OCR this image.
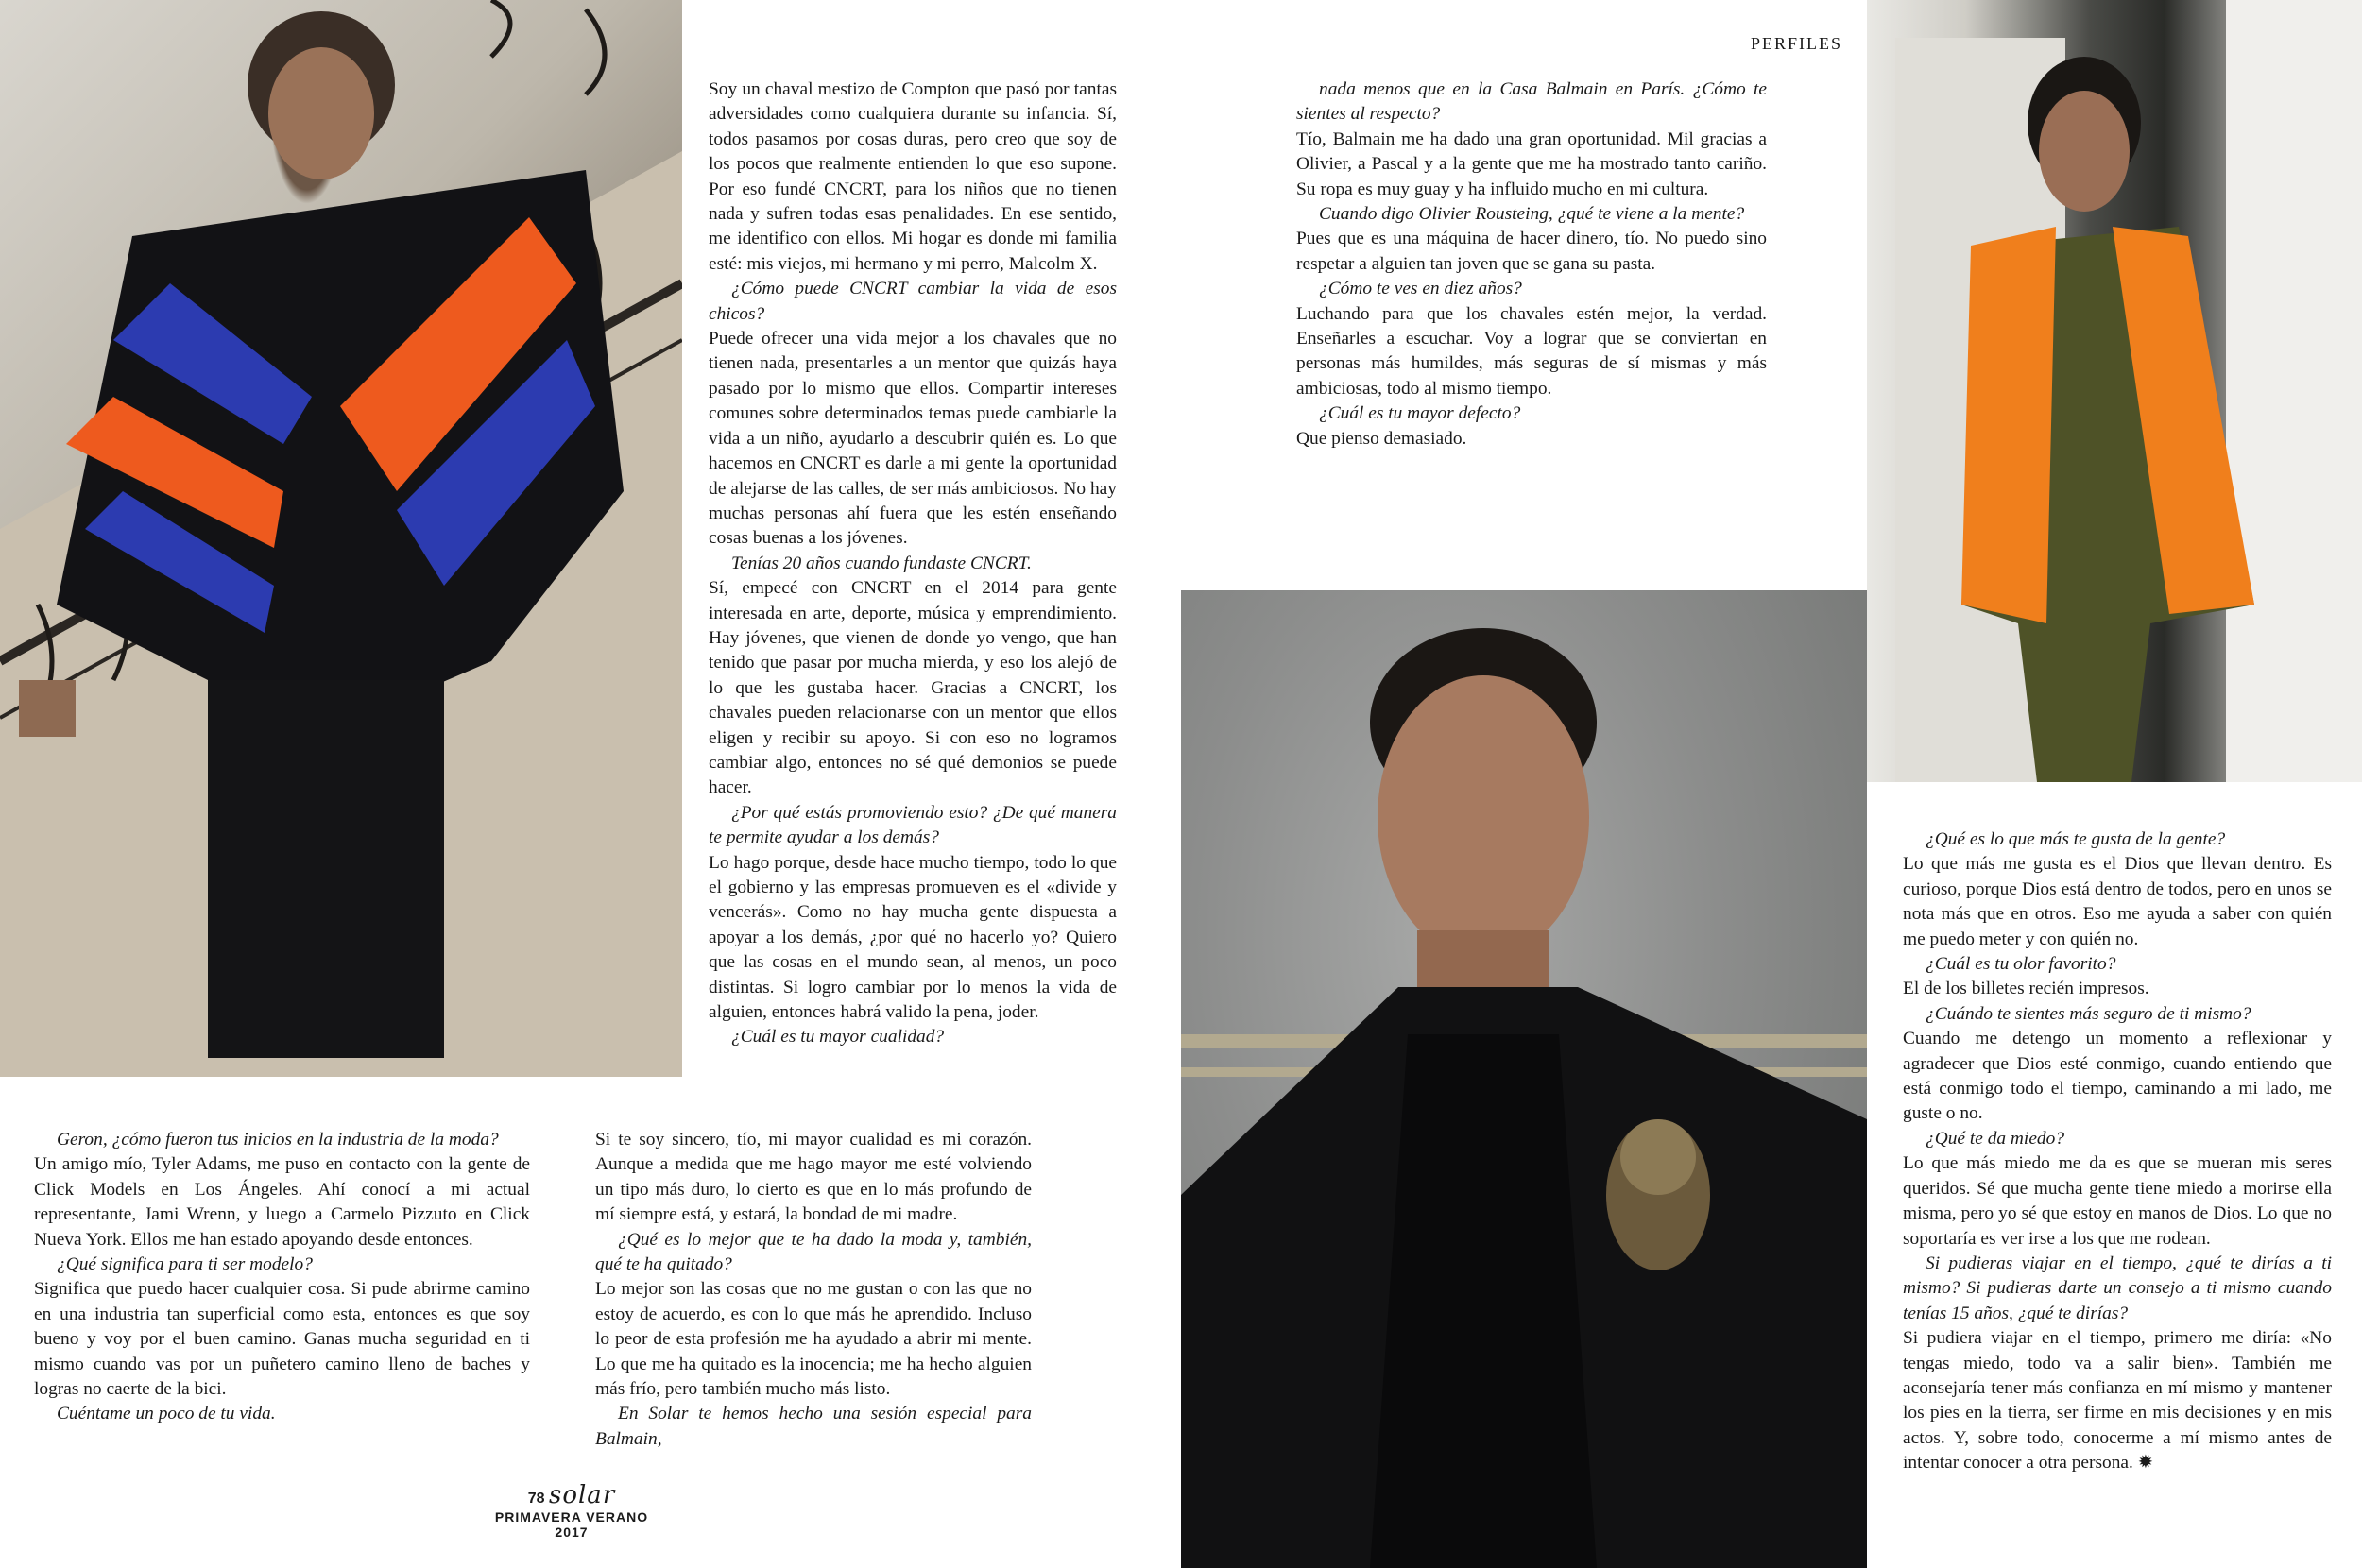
PERFILES

Soy un chaval mestizo de Compton que pasó por tantas adversidades como cualquiera durante su infancia. Sí, todos pasamos por cosas duras, pero creo que soy de los pocos que realmente entienden lo que eso supone. Por eso fundé CNCRT, para los niños que no tienen nada y sufren todas esas penalidades. En ese sentido, me identifico con ellos. Mi hogar es donde mi familia esté: mis viejos, mi hermano y mi perro, Malcolm X.

¿Cómo puede CNCRT cambiar la vida de esos chicos?

Puede ofrecer una vida mejor a los chavales que no tienen nada, presentarles a un mentor que quizás haya pasado por lo mismo que ellos. Compartir intereses comunes sobre determinados temas puede cambiarle la vida a un niño, ayudarlo a descubrir quién es. Lo que hacemos en CNCRT es darle a mi gente la oportunidad de alejarse de las calles, de ser más ambiciosos. No hay muchas personas ahí fuera que les estén enseñando cosas buenas a los jóvenes.

Tenías 20 años cuando fundaste CNCRT.

Sí, empecé con CNCRT en el 2014 para gente interesada en arte, deporte, música y emprendimiento. Hay jóvenes, que vienen de donde yo vengo, que han tenido que pasar por mucha mierda, y eso los alejó de lo que les gustaba hacer. Gracias a CNCRT, los chavales pueden relacionarse con un mentor que ellos eligen y recibir su apoyo. Si con eso no logramos cambiar algo, entonces no sé qué demonios se puede hacer.

¿Por qué estás promoviendo esto? ¿De qué manera te permite ayudar a los demás?

Lo hago porque, desde hace mucho tiempo, todo lo que el gobierno y las empresas promueven es el «divide y vencerás». Como no hay mucha gente dispuesta a apoyar a los demás, ¿por qué no hacerlo yo? Quiero que las cosas en el mundo sean, al menos, un poco distintas. Si logro cambiar por lo menos la vida de alguien, entonces habrá valido la pena, joder.

¿Cuál es tu mayor cualidad?

Geron, ¿cómo fueron tus inicios en la industria de la moda?

Un amigo mío, Tyler Adams, me puso en contacto con la gente de Click Models en Los Ángeles. Ahí conocí a mi actual representante, Jami Wrenn, y luego a Carmelo Pizzuto en Click Nueva York. Ellos me han estado apoyando desde entonces.

¿Qué significa para ti ser modelo?

Significa que puedo hacer cualquier cosa. Si pude abrirme camino en una industria tan superficial como esta, entonces es que soy bueno y voy por el buen camino. Ganas mucha seguridad en ti mismo cuando vas por un puñetero camino lleno de baches y logras no caerte de la bici.

Cuéntame un poco de tu vida.

Si te soy sincero, tío, mi mayor cualidad es mi corazón. Aunque a medida que me hago mayor me esté volviendo un tipo más duro, lo cierto es que en lo más profundo de mí siempre está, y estará, la bondad de mi madre.

¿Qué es lo mejor que te ha dado la moda y, también, qué te ha quitado?

Lo mejor son las cosas que no me gustan o con las que no estoy de acuerdo, es con lo que más he aprendido. Incluso lo peor de esta profesión me ha ayudado a abrir mi mente. Lo que me ha quitado es la inocencia; me ha hecho alguien más frío, pero también mucho más listo.

En Solar te hemos hecho una sesión especial para Balmain,

nada menos que en la Casa Balmain en París. ¿Cómo te sientes al respecto?

Tío, Balmain me ha dado una gran oportunidad. Mil gracias a Olivier, a Pascal y a la gente que me ha mostrado tanto cariño. Su ropa es muy guay y ha influido mucho en mi cultura.

Cuando digo Olivier Rousteing, ¿qué te viene a la mente?

Pues que es una máquina de hacer dinero, tío. No puedo sino respetar a alguien tan joven que se gana su pasta.

¿Cómo te ves en diez años?

Luchando para que los chavales estén mejor, la verdad. Enseñarles a escuchar. Voy a lograr que se conviertan en personas más humildes, más seguras de sí mismas y más ambiciosas, todo al mismo tiempo.

¿Cuál es tu mayor defecto?

Que pienso demasiado.

¿Qué es lo que más te gusta de la gente?

Lo que más me gusta es el Dios que llevan dentro. Es curioso, porque Dios está dentro de todos, pero en unos se nota más que en otros. Eso me ayuda a saber con quién me puedo meter y con quién no.

¿Cuál es tu olor favorito?

El de los billetes recién impresos.

¿Cuándo te sientes más seguro de ti mismo?

Cuando me detengo un momento a reflexionar y agradecer que Dios esté conmigo, cuando entiendo que está conmigo todo el tiempo, caminando a mi lado, me guste o no.

¿Qué te da miedo?

Lo que más miedo me da es que se mueran mis seres queridos. Sé que mucha gente tiene miedo a morirse ella misma, pero yo sé que estoy en manos de Dios. Lo que no soportaría es ver irse a los que me rodean.

Si pudieras viajar en el tiempo, ¿qué te dirías a ti mismo? Si pudieras darte un consejo a ti mismo cuando tenías 15 años, ¿qué te dirías?

Si pudiera viajar en el tiempo, primero me diría: «No tengas miedo, todo va a salir bien». También me aconsejaría tener más confianza en mí mismo y mantener los pies en la tierra, ser firme en mis decisiones y en mis actos. Y, sobre todo, conocerme a mí mismo antes de intentar conocer a otra persona. ✹

78 solar
PRIMAVERA VERANO 2017
